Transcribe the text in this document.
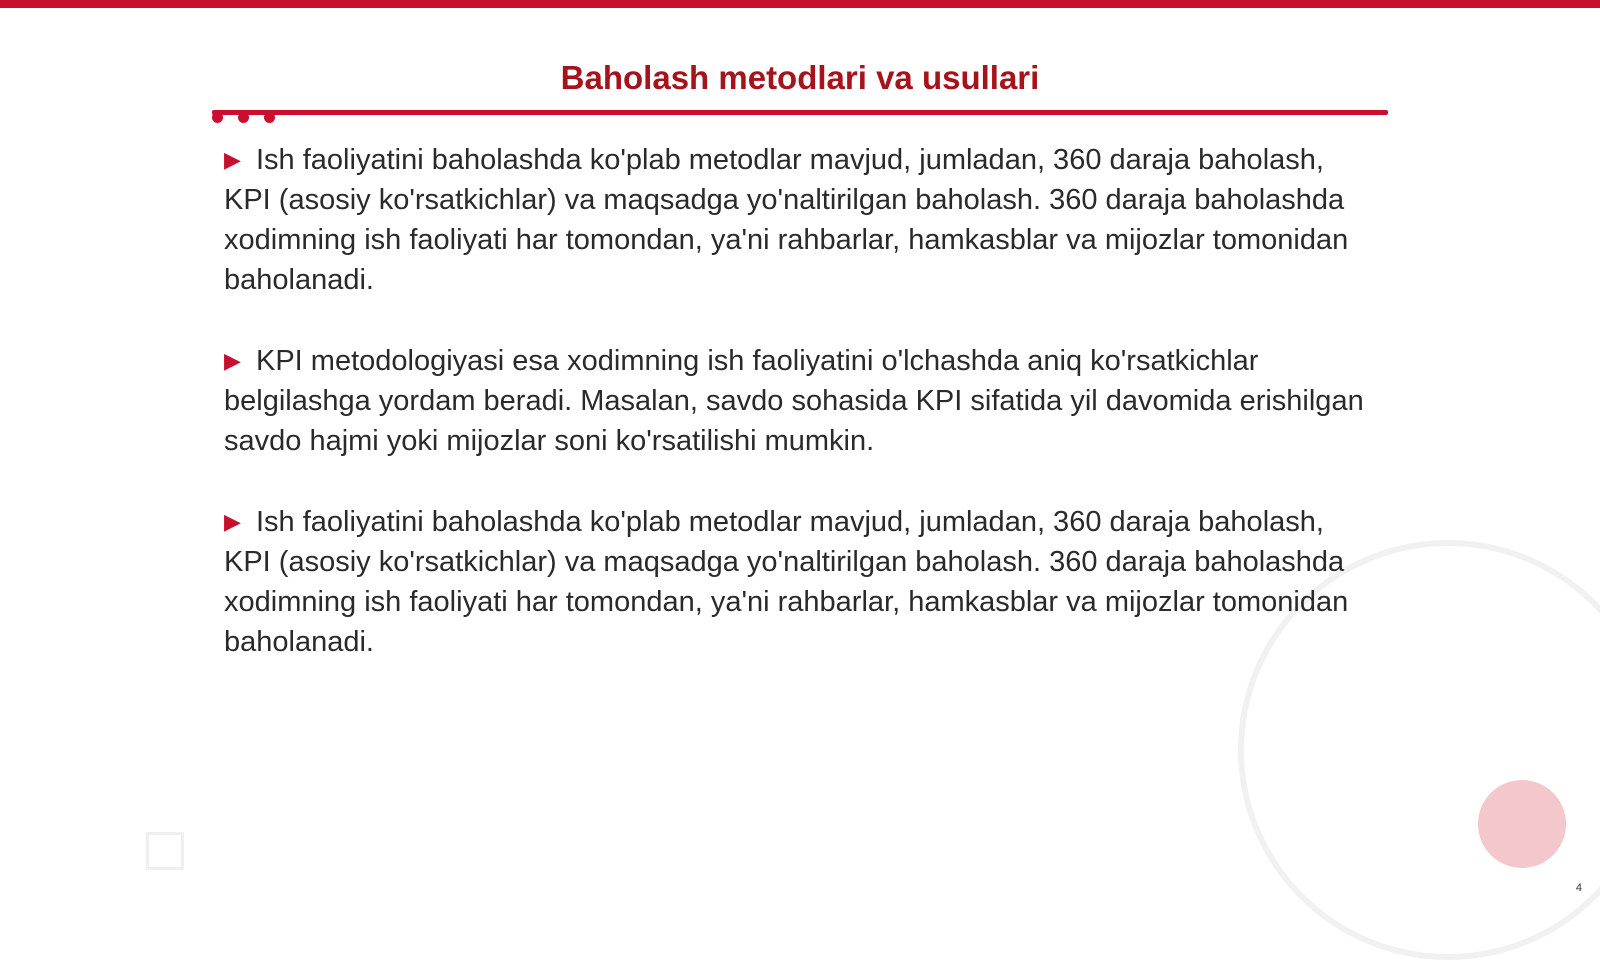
Baholash metodlari va usullari

▶ Ish faoliyatini baholashda ko'plab metodlar mavjud, jumladan, 360 daraja baholash, KPI (asosiy ko'rsatkichlar) va maqsadga yo'naltirilgan baholash. 360 daraja baholashda xodimning ish faoliyati har tomondan, ya'ni rahbarlar, hamkasblar va mijozlar tomonidan baholanadi.

▶ KPI metodologiyasi esa xodimning ish faoliyatini o'lchashda aniq ko'rsatkichlar belgilashga yordam beradi. Masalan, savdo sohasida KPI sifatida yil davomida erishilgan savdo hajmi yoki mijozlar soni ko'rsatilishi mumkin.

▶ Ish faoliyatini baholashda ko'plab metodlar mavjud, jumladan, 360 daraja baholash, KPI (asosiy ko'rsatkichlar) va maqsadga yo'naltirilgan baholash. 360 daraja baholashda xodimning ish faoliyati har tomondan, ya'ni rahbarlar, hamkasblar va mijozlar tomonidan baholanadi.

4
